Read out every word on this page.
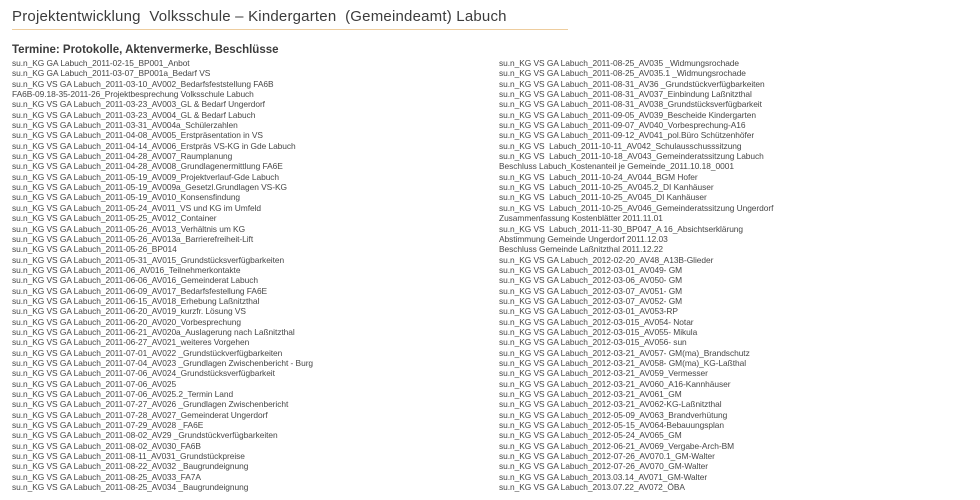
Projektentwicklung  Volksschule – Kindergarten  (Gemeindeamt) Labuch
Termine: Protokolle, Aktenvermerke, Beschlüsse
su.n_KG GA Labuch_2011-02-15_BP001_Anbot
su.n_KG GA Labuch_2011-03-07_BP001a_Bedarf VS
su.n_KG VS GA Labuch_2011-03-10_AV002_Bedarfsfeststellung FA6B
FA6B-09.18-35-2011-26_Projektbesprechung Volksschule Labuch
su.n_KG VS GA Labuch_2011-03-23_AV003_GL & Bedarf Ungerdorf
su.n_KG VS GA Labuch_2011-03-23_AV004_GL & Bedarf Labuch
su.n_KG VS GA Labuch_2011-03-31_AV004a_Schülerzahlen
su.n_KG VS GA Labuch_2011-04-08_AV005_Erstpräsentation in VS
su.n_KG VS GA Labuch_2011-04-14_AV006_Erstpräs VS-KG in Gde Labuch
su.n_KG VS GA Labuch_2011-04-28_AV007_Raumplanung
su.n_KG VS GA Labuch_2011-04-28_AV008_Grundlagenermittlung FA6E
su.n_KG VS GA Labuch_2011-05-19_AV009_Projektverlauf-Gde Labuch
su.n_KG VS GA Labuch_2011-05-19_AV009a_Gesetzl.Grundlagen VS-KG
su.n_KG VS GA Labuch_2011-05-19_AV010_Konsensfindung
su.n_KG VS GA Labuch_2011-05-24_AV011_VS und KG im Umfeld
su.n_KG VS GA Labuch_2011-05-25_AV012_Container
su.n_KG VS GA Labuch_2011-05-26_AV013_Verhältnis um KG
su.n_KG VS GA Labuch_2011-05-26_AV013a_Barrierefreiheit-Lift
su.n_KG VS GA Labuch_2011-05-26_BP014
su.n_KG VS GA Labuch_2011-05-31_AV015_Grundstücksverfügbarkeiten
su.n_KG VS GA Labuch_2011-06_AV016_Teilnehmerkontakte
su.n_KG VS GA Labuch_2011-06-06_AV016_Gemeinderat Labuch
su.n_KG VS GA Labuch_2011-06-09_AV017_Bedarfsfestellung FA6E
su.n_KG VS GA Labuch_2011-06-15_AV018_Erhebung Laßnitzthal
su.n_KG VS GA Labuch_2011-06-20_AV019_kurzfr. Lösung VS
su.n_KG VS GA Labuch_2011-06-20_AV020_Vorbesprechung
su.n_KG VS GA Labuch_2011-06-21_AV020a_Auslagerung nach Laßnitzthal
su.n_KG VS GA Labuch_2011-06-27_AV021_weiteres Vorgehen
su.n_KG VS GA Labuch_2011-07-01_AV022 _Grundstückverfügbarkeiten
su.n_KG VS GA Labuch_2011-07-04_AV023 _Grundlagen Zwischenbericht - Burg
su.n_KG VS GA Labuch_2011-07-06_AV024_Grundstücksverfügbarkeit
su.n_KG VS GA Labuch_2011-07-06_AV025
su.n_KG VS GA Labuch_2011-07-06_AV025.2_Termin Land
su.n_KG VS GA Labuch_2011-07-27_AV026 _Grundlagen Zwischenbericht
su.n_KG VS GA Labuch_2011-07-28_AV027_Gemeinderat Ungerdorf
su.n_KG VS GA Labuch_2011-07-29_AV028 _FA6E
su.n_KG VS GA Labuch_2011-08-02_AV29 _Grundstückverfügbarkeiten
su.n_KG VS GA Labuch_2011-08-02_AV030_FA6B
su.n_KG VS GA Labuch_2011-08-11_AV031_Grundstückpreise
su.n_KG VS GA Labuch_2011-08-22_AV032 _Baugrundeignung
su.n_KG VS GA Labuch_2011-08-25_AV033_FA7A
su.n_KG VS GA Labuch_2011-08-25_AV034 _Baugrundeignung
su.n_KG VS GA Labuch_2011-08-25_AV035 _Widmungsrochade
su.n_KG VS GA Labuch_2011-08-25_AV035.1 _Widmungsrochade
su.n_KG VS GA Labuch_2011-08-31_AV36 _Grundstückverfügbarkeiten
su.n_KG VS GA Labuch_2011-08-31_AV037_Einbindung Laßnitzthal
su.n_KG VS GA Labuch_2011-08-31_AV038_Grundstücksverfügbarkeit
su.n_KG VS GA Labuch_2011-09-05_AV039_Bescheide Kindergarten
su.n_KG VS GA Labuch_2011-09-07_AV040_Vorbesprechung-A16
su.n_KG VS GA Labuch_2011-09-12_AV041_pol.Büro Schützenhöfer
su.n_KG VS  Labuch_2011-10-11_AV042_Schulausschusssitzung
su.n_KG VS  Labuch_2011-10-18_AV043_Gemeinderatssitzung Labuch
Beschluss Labuch_Kostenanteil je Gemeinde_2011.10.18_0001
su.n_KG VS  Labuch_2011-10-24_AV044_BGM Hofer
su.n_KG VS  Labuch_2011-10-25_AV045.2_DI Kanhäuser
su.n_KG VS  Labuch_2011-10-25_AV045_DI Kanhäuser
su.n_KG VS  Labuch_2011-10-25_AV046_Gemeinderatssitzung Ungerdorf
Zusammenfassung Kostenblätter 2011.11.01
su.n_KG VS  Labuch_2011-11-30_BP047_A 16_Absichtserklärung
Abstimmung Gemeinde Ungerdorf 2011.12.03
Beschluss Gemeinde Laßnitzthal 2011.12.22
su.n_KG VS GA Labuch_2012-02-20_AV48_A13B-Glieder
su.n_KG VS GA Labuch_2012-03-01_AV049- GM
su.n_KG VS GA Labuch_2012-03-06_AV050- GM
su.n_KG VS GA Labuch_2012-03-07_AV051- GM
su.n_KG VS GA Labuch_2012-03-07_AV052- GM
su.n_KG VS GA Labuch_2012-03-01_AV053-RP
su.n_KG VS GA Labuch_2012-03-015_AV054- Notar
su.n_KG VS GA Labuch_2012-03-015_AV055- Mikula
su.n_KG VS GA Labuch_2012-03-015_AV056- sun
su.n_KG VS GA Labuch_2012-03-21_AV057- GM(ma)_Brandschutz
su.n_KG VS GA Labuch_2012-03-21_AV058- GM(ma)_KG-Laßthal
su.n_KG VS GA Labuch_2012-03-21_AV059_Vermesser
su.n_KG VS GA Labuch_2012-03-21_AV060_A16-Kannhäuser
su.n_KG VS GA Labuch_2012-03-21_AV061_GM
su.n_KG VS GA Labuch_2012-03-21_AV062-KG-Laßnitzthal
su.n_KG VS GA Labuch_2012-05-09_AV063_Brandverhütung
su.n_KG VS GA Labuch_2012-05-15_AV064-Bebauungsplan
su.n_KG VS GA Labuch_2012-05-24_AV065_GM
su.n_KG VS GA Labuch_2012-06-21_AV069_Vergabe-Arch-BM
su.n_KG VS GA Labuch_2012-07-26_AV070.1_GM-Walter
su.n_KG VS GA Labuch_2012-07-26_AV070_GM-Walter
su.n_KG VS GA Labuch_2013.03.14_AV071_GM-Walter
su.n_KG VS GA Labuch_2013.07.22_AV072_ÖBA
